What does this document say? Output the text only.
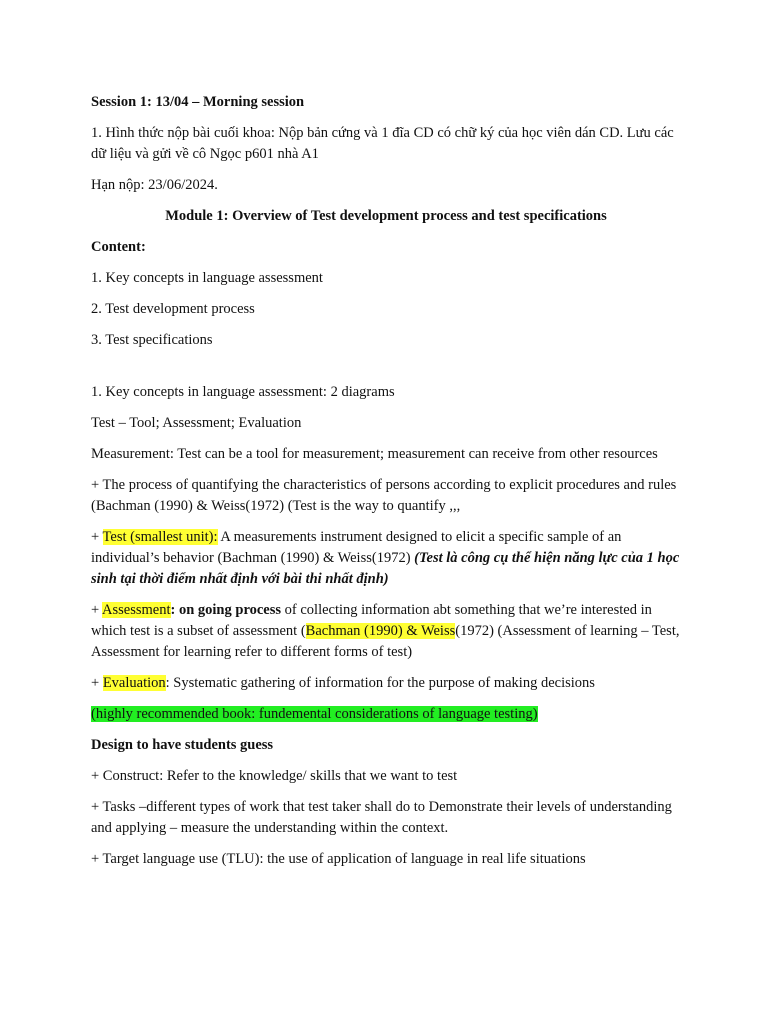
Session 1: 13/04 – Morning session

1. Hình thức nộp bài cuối khoa: Nộp bản cứng và 1 đĩa CD có chữ ký của học viên dán CD. Lưu các dữ liệu và gửi về cô Ngọc p601 nhà A1

Hạn nộp: 23/06/2024.

Module 1: Overview of Test development process and test specifications

Content:

1. Key concepts in language assessment

2. Test development process

3. Test specifications

1. Key concepts in language assessment: 2 diagrams

Test – Tool; Assessment; Evaluation

Measurement: Test can be a tool for measurement; measurement can receive from other resources

+ The process of quantifying the characteristics of persons according to explicit procedures and rules (Bachman (1990) & Weiss(1972) (Test is the way to quantify ,,,

+ Test (smallest unit): A measurements instrument designed to elicit a specific sample of an individual’s behavior (Bachman (1990) & Weiss(1972) (Test là công cụ thể hiện năng lực của 1 học sinh tại thời điểm nhất định với bài thi nhất định)

+ Assessment: on going process of collecting information abt something that we’re interested in which test is a subset of assessment (Bachman (1990) & Weiss(1972) (Assessment of learning – Test, Assessment for learning refer to different forms of test)

+ Evaluation: Systematic gathering of information for the purpose of making decisions

(highly recommended book: fundemental considerations of language testing)

Design to have students guess

+ Construct: Refer to the knowledge/ skills that we want to test

+ Tasks –different types of work that test taker shall do to Demonstrate their levels of understanding and applying – measure the understanding within the context.

+ Target language use (TLU): the use of application of language in real life situations
